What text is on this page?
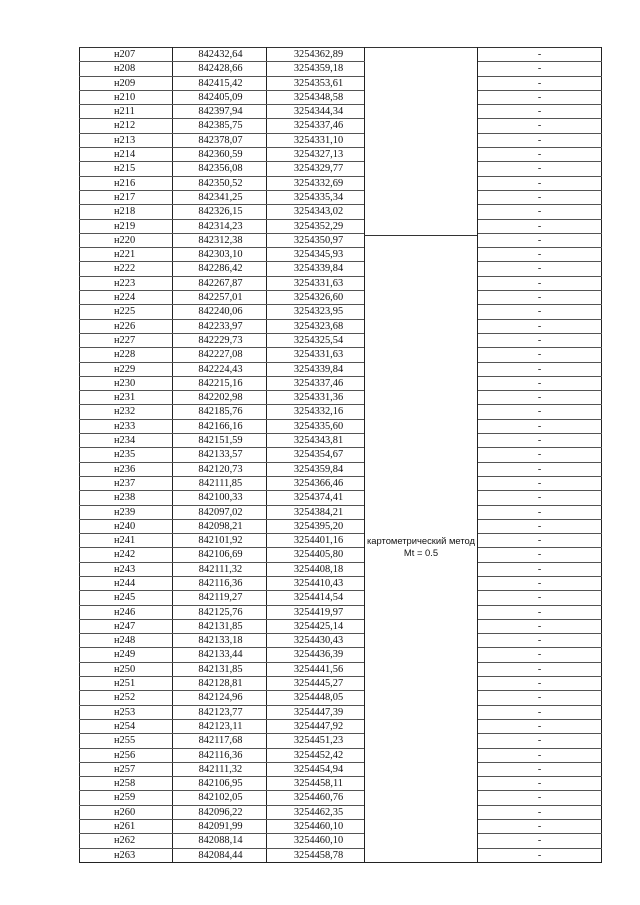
н207	842432,64	3254362,89	картометрический метод Mt = 0.5	-
н208	842428,66	3254359,18		-
н209	842415,42	3254353,61		-
н210	842405,09	3254348,58		-
н211	842397,94	3254344,34		-
н212	842385,75	3254337,46		-
н213	842378,07	3254331,10		-
н214	842360,59	3254327,13		-
н215	842356,08	3254329,77		-
н216	842350,52	3254332,69		-
н217	842341,25	3254335,34		-
н218	842326,15	3254343,02		-
н219	842314,23	3254352,29		-
н220	842312,38	3254350,97		-
н221	842303,10	3254345,93		-
н222	842286,42	3254339,84		-
н223	842267,87	3254331,63		-
н224	842257,01	3254326,60		-
н225	842240,06	3254323,95		-
н226	842233,97	3254323,68		-
н227	842229,73	3254325,54		-
н228	842227,08	3254331,63		-
н229	842224,43	3254339,84		-
н230	842215,16	3254337,46		-
н231	842202,98	3254331,36		-
н232	842185,76	3254332,16		-
н233	842166,16	3254335,60		-
н234	842151,59	3254343,81		-
н235	842133,57	3254354,67		-
н236	842120,73	3254359,84		-
н237	842111,85	3254366,46		-
н238	842100,33	3254374,41		-
н239	842097,02	3254384,21		-
н240	842098,21	3254395,20		-
н241	842101,92	3254401,16		-
н242	842106,69	3254405,80		-
н243	842111,32	3254408,18		-
н244	842116,36	3254410,43		-
н245	842119,27	3254414,54		-
н246	842125,76	3254419,97		-
н247	842131,85	3254425,14		-
н248	842133,18	3254430,43		-
н249	842133,44	3254436,39		-
н250	842131,85	3254441,56		-
н251	842128,81	3254445,27		-
н252	842124,96	3254448,05		-
н253	842123,77	3254447,39		-
н254	842123,11	3254447,92		-
н255	842117,68	3254451,23		-
н256	842116,36	3254452,42		-
н257	842111,32	3254454,94		-
н258	842106,95	3254458,11		-
н259	842102,05	3254460,76		-
н260	842096,22	3254462,35		-
н261	842091,99	3254460,10		-
н262	842088,14	3254460,10		-
н263	842084,44	3254458,78		-
